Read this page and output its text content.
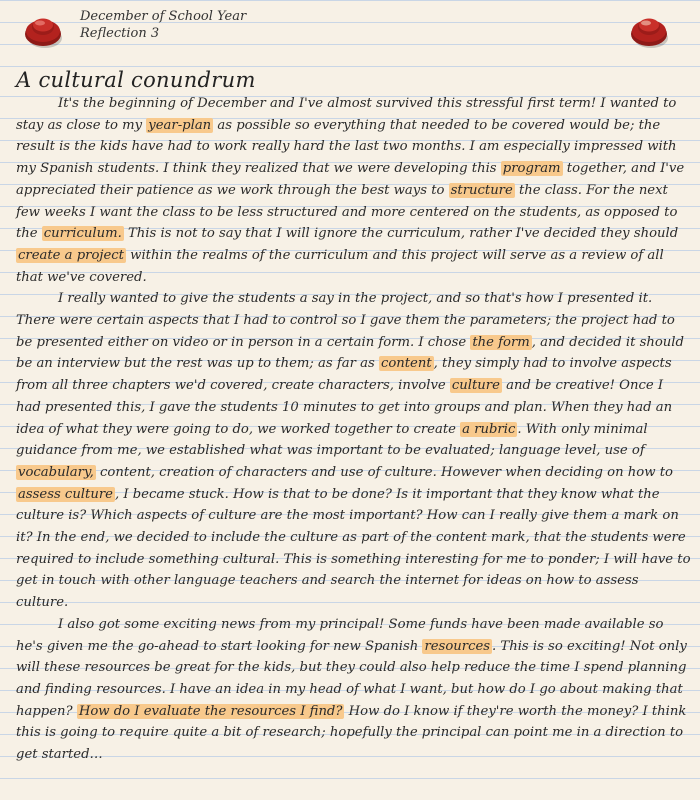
December of School Year
Reflection 3
A cultural conundrum

It's the beginning of December and I've almost survived this stressful first term! I wanted to stay as close to my year-plan as possible so everything that needed to be covered would be; the result is the kids have had to work really hard the last two months. I am especially impressed with my Spanish students. I think they realized that we were developing this program together, and I've appreciated their patience as we work through the best ways to structure the class. For the next few weeks I want the class to be less structured and more centered on the students, as opposed to the curriculum. This is not to say that I will ignore the curriculum, rather I've decided they should create a project within the realms of the curriculum and this project will serve as a review of all that we've covered.

I really wanted to give the students a say in the project, and so that's how I presented it. There were certain aspects that I had to control so I gave them the parameters; the project had to be presented either on video or in person in a certain form. I chose the form , and decided it should be an interview but the rest was up to them; as far as content , they simply had to involve aspects from all three chapters we'd covered, create characters, involve culture and be creative! Once I had presented this, I gave the students 10 minutes to get into groups and plan. When they had an idea of what they were going to do, we worked together to create a rubric . With only minimal guidance from me, we established what was important to be evaluated; language level, use of vocabulary, content, creation of characters and use of culture. However when deciding on how to assess culture , I became stuck. How is that to be done? Is it important that they know what the culture is? Which aspects of culture are the most important? How can I really give them a mark on it? In the end, we decided to include the culture as part of the content mark, that the students were required to include something cultural. This is something interesting for me to ponder; I will have to get in touch with other language teachers and search the internet for ideas on how to assess culture.

I also got some exciting news from my principal! Some funds have been made available so he's given me the go-ahead to start looking for new Spanish resources . This is so exciting! Not only will these resources be great for the kids, but they could also help reduce the time I spend planning and finding resources. I have an idea in my head of what I want, but how do I go about making that happen? How do I evaluate the resources I find? How do I know if they're worth the money? I think this is going to require quite a bit of research; hopefully the principal can point me in a direction to get started…
